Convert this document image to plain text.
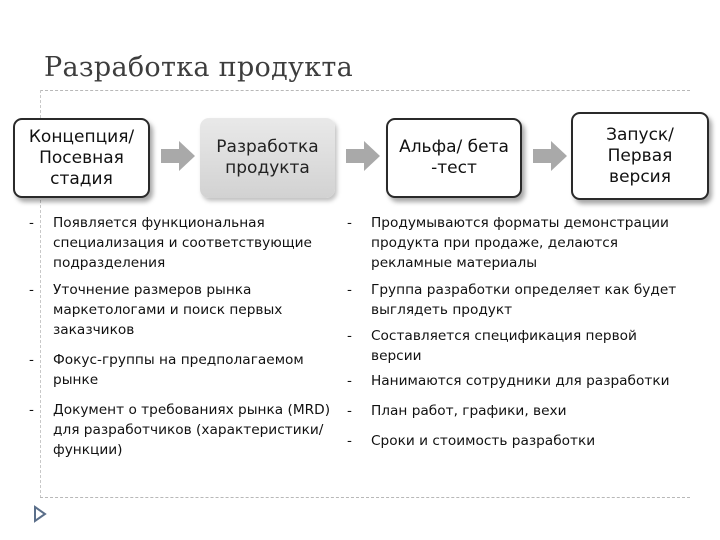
Разработка продукта
Концепция/ Посевная стадия
Разработка продукта
Альфа/ бета -тест
Запуск/ Первая версия
- Появляется функциональная специализация и соответствующие подразделения
- Уточнение размеров рынка маркетологами и поиск первых заказчиков
- Фокус-группы на предполагаемом рынке
- Документ о требованиях рынка (MRD) для разработчиков (характеристики/функции)
- Продумываются форматы демонстрации продукта при продаже, делаются рекламные материалы
- Группа разработки определяет как будет выглядеть продукт
- Составляется спецификация первой версии
- Нанимаются сотрудники для разработки
- План работ, графики, вехи
- Сроки и стоимость разработки
